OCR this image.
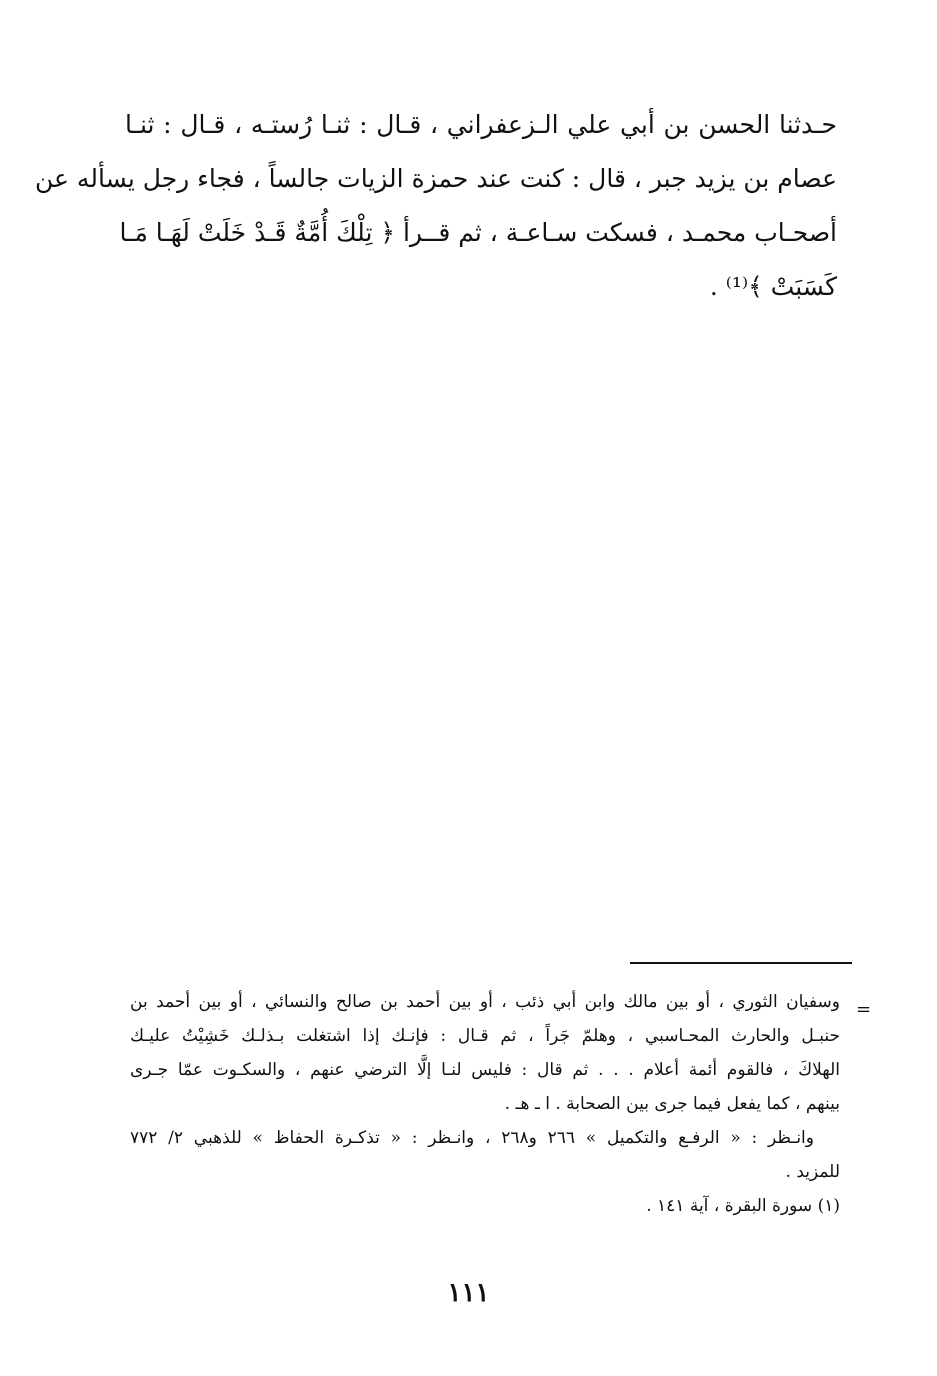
حـدثنا الحسن بن أبي علي الـزعفراني ، قـال : ثنـا رُستـه ، قـال : ثنـا
عصام بن يزيد جبر ، قال : كنت عند حمزة الزيات جالساً ، فجاء رجل يسأله عن
أصحـاب محمـد ، فسكت سـاعـة ، ثم قــرأ ﴿ تِلْكَ أُمَّةٌ قَـدْ خَلَتْ لَهَـا مَـا
كَسَبَتْ ﴾⁽¹⁾ .
=
وسفيان الثوري ، أو بين مالك وابن أبي ذئب ، أو بين أحمد بن صالح والنسائي ، أو بين أحمد بن
حنبـل والحارث المحـاسبي ، وهلمّ جَراً ، ثم قـال : فإنـك إذا اشتغلت بـذلـك خَشِيْتُ عليـك
الهلاكَ ، فالقوم أئمة أعلام . . . ثم قال : فليس لنـا إلَّا الترضي عنهم ، والسكـوت عمّا جـرى
بينهم ، كما يفعل فيما جرى بين الصحابة . ا ـ هـ .
وانـظر : « الرفـع والتكميل » ٢٦٦ و٢٦٨ ، وانـظر : « تذكـرة الحفاظ » للذهبي ٢/ ٧٧٢
للمزيد .
(١) سورة البقرة ، آية ١٤١ .
١١١
